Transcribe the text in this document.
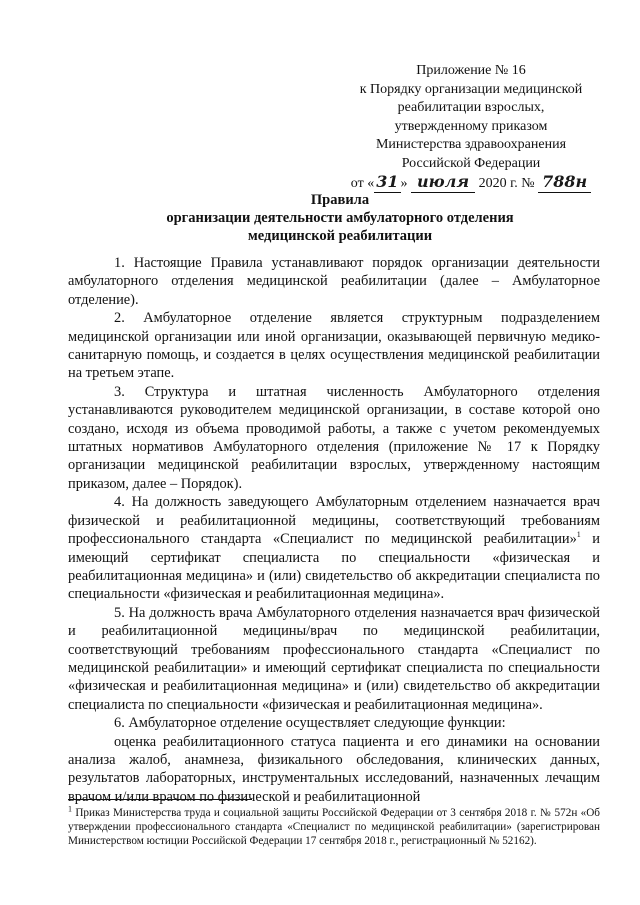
Приложение № 16
к Порядку организации медицинской
реабилитации взрослых,
утвержденному приказом
Министерства здравоохранения
Российской Федерации
от « 31 » июля 2020 г. № 788н
Правила
организации деятельности амбулаторного отделения
медицинской реабилитации

1. Настоящие Правила устанавливают порядок организации деятельности амбулаторного отделения медицинской реабилитации (далее – Амбулаторное отделение).

2. Амбулаторное отделение является структурным подразделением медицинской организации или иной организации, оказывающей первичную медико-санитарную помощь, и создается в целях осуществления медицинской реабилитации на третьем этапе.

3. Структура и штатная численность Амбулаторного отделения устанавливаются руководителем медицинской организации, в составе которой оно создано, исходя из объема проводимой работы, а также с учетом рекомендуемых штатных нормативов Амбулаторного отделения (приложение № 17 к Порядку организации медицинской реабилитации взрослых, утвержденному настоящим приказом, далее – Порядок).

4. На должность заведующего Амбулаторным отделением назначается врач физической и реабилитационной медицины, соответствующий требованиям профессионального стандарта «Специалист по медицинской реабилитации»$^1$ и имеющий сертификат специалиста по специальности «физическая и реабилитационная медицина» и (или) свидетельство об аккредитации специалиста по специальности «физическая и реабилитационная медицина».

5. На должность врача Амбулаторного отделения назначается врач физической и реабилитационной медицины/врач по медицинской реабилитации, соответствующий требованиям профессионального стандарта «Специалист по медицинской реабилитации» и имеющий сертификат специалиста по специальности «физическая и реабилитационная медицина» и (или) свидетельство об аккредитации специалиста по специальности «физическая и реабилитационная медицина».

6. Амбулаторное отделение осуществляет следующие функции:

оценка реабилитационного статуса пациента и его динамики на основании анализа жалоб, анамнеза, физикального обследования, клинических данных, результатов лабораторных, инструментальных исследований, назначенных лечащим врачом и/или врачом по физической и реабилитационной

$^1$ Приказ Министерства труда и социальной защиты Российской Федерации от 3 сентября 2018 г. № 572н «Об утверждении профессионального стандарта «Специалист по медицинской реабилитации» (зарегистрирован Министерством юстиции Российской Федерации 17 сентября 2018 г., регистрационный № 52162).
